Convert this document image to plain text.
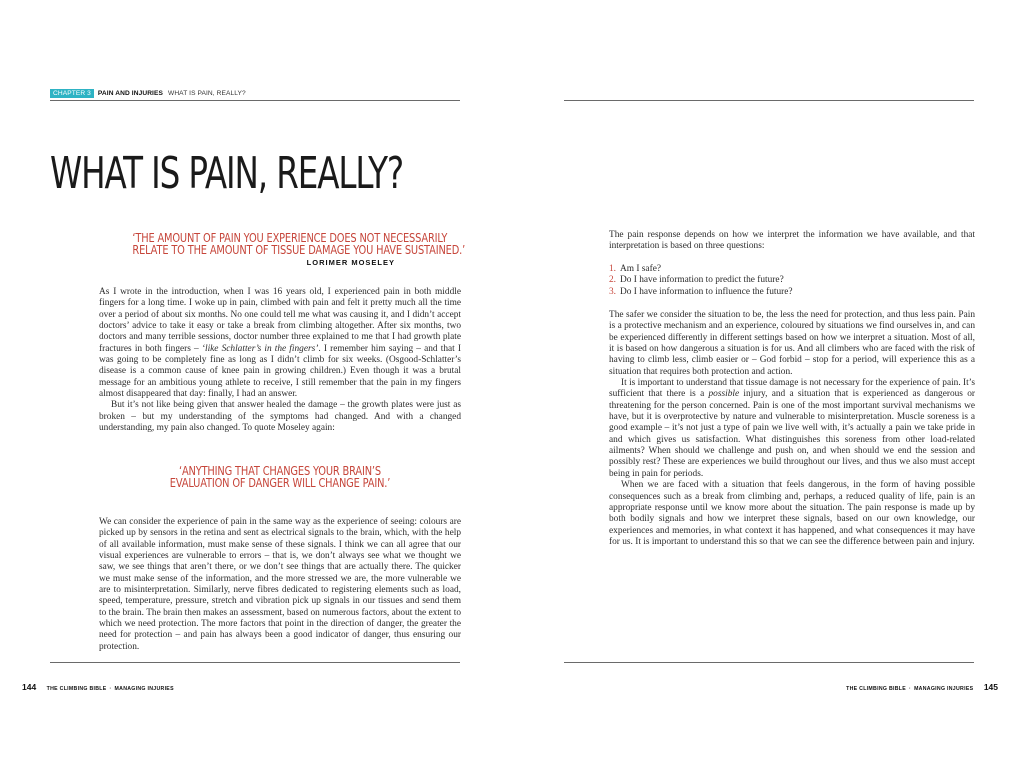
CHAPTER 3	PAIN AND INJURIES WHAT IS PAIN, REALLY?
WHAT IS PAIN, REALLY?
‘THE AMOUNT OF PAIN YOU EXPERIENCE DOES NOT NECESSARILY
RELATE TO THE AMOUNT OF TISSUE DAMAGE YOU HAVE SUSTAINED.’
LORIMER MOSELEY

As I wrote in the introduction, when I was 16 years old, I experienced pain in both middle fingers for a long time. I woke up in pain, climbed with pain and felt it pretty much all the time over a period of about six months. No one could tell me what was causing it, and I didn’t accept doctors’ advice to take it easy or take a break from climbing altogether. After six months, two doctors and many terrible sessions, doctor number three explained to me that I had growth plate fractures in both fingers – ‘like Schlatter’s in the fingers’. I remember him saying – and that I was going to be completely fine as long as I didn’t climb for six weeks. (Osgood-Schlatter’s disease is a common cause of knee pain in growing children.) Even though it was a brutal message for an ambitious young athlete to receive, I still remember that the pain in my fingers almost disappeared that day: finally, I had an answer.

But it’s not like being given that answer healed the damage – the growth plates were just as broken – but my understanding of the symptoms had changed. And with a changed understanding, my pain also changed. To quote Moseley again:

‘ANYTHING THAT CHANGES YOUR BRAIN’S
EVALUATION OF DANGER WILL CHANGE PAIN.’

We can consider the experience of pain in the same way as the experience of seeing: colours are picked up by sensors in the retina and sent as electrical signals to the brain, which, with the help of all available information, must make sense of these signals. I think we can all agree that our visual experiences are vulnerable to errors – that is, we don’t always see what we thought we saw, we see things that aren’t there, or we don’t see things that are actually there. The quicker we must make sense of the information, and the more stressed we are, the more vulnerable we are to misinterpretation. Similarly, nerve fibres dedicated to registering elements such as load, speed, temperature, pressure, stretch and vibration pick up signals in our tissues and send them to the brain. The brain then makes an assessment, based on numerous factors, about the extent to which we need protection. The more factors that point in the direction of danger, the greater the need for protection – and pain has always been a good indicator of danger, thus ensuring our protection.

144 THE CLIMBING BIBLE · MANAGING INJURIES

The pain response depends on how we interpret the information we have available, and that interpretation is based on three questions:

1. Am I safe?
2. Do I have information to predict the future?
3. Do I have information to influence the future?

The safer we consider the situation to be, the less the need for protection, and thus less pain. Pain is a protective mechanism and an experience, coloured by situations we find ourselves in, and can be experienced differently in different settings based on how we interpret a situation. Most of all, it is based on how dangerous a situation is for us. And all climbers who are faced with the risk of having to climb less, climb easier or – God forbid – stop for a period, will experience this as a situation that requires both protection and action.

It is important to understand that tissue damage is not necessary for the experience of pain. It’s sufficient that there is a possible injury, and a situation that is experienced as dangerous or threatening for the person concerned. Pain is one of the most important survival mechanisms we have, but it is overprotective by nature and vulnerable to misinterpretation. Muscle soreness is a good example – it’s not just a type of pain we live well with, it’s actually a pain we take pride in and which gives us satisfaction. What distinguishes this soreness from other load-related ailments? When should we challenge and push on, and when should we end the session and possibly rest? These are experiences we build throughout our lives, and thus we also must accept being in pain for periods.

When we are faced with a situation that feels dangerous, in the form of having possible consequences such as a break from climbing and, perhaps, a reduced quality of life, pain is an appropriate response until we know more about the situation. The pain response is made up by both bodily signals and how we interpret these signals, based on our own knowledge, our experiences and memories, in what context it has happened, and what consequences it may have for us. It is important to understand this so that we can see the difference between pain and injury.

THE CLIMBING BIBLE · MANAGING INJURIES 145
